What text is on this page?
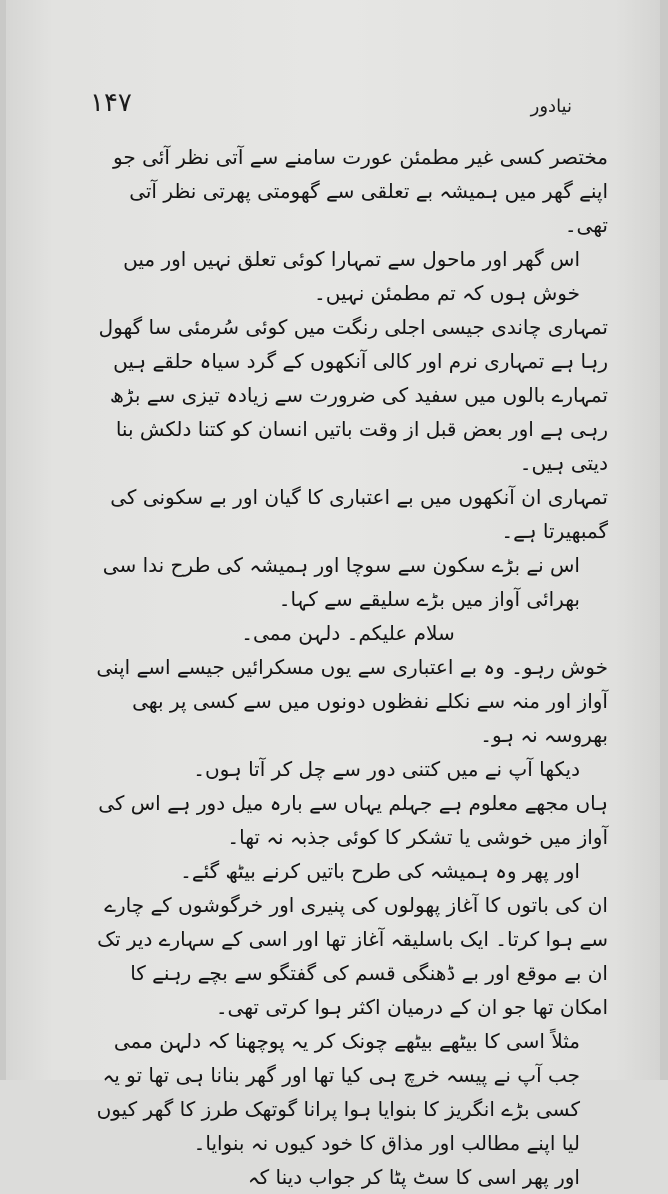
۱۴۷	نیادور

مختصر کسی غیر مطمئن عورت سامنے سے آتی نظر آئی جو اپنے گھر میں ہمیشہ بے تعلقی سے گھومتی پھرتی نظر آتی تھی۔

اس گھر اور ماحول سے تمہارا کوئی تعلق نہیں اور میں خوش ہوں کہ تم مطمئن نہیں۔

تمہاری چاندی جیسی اجلی رنگت میں کوئی سُرمئی سا گھول رہا ہے تمہاری نرم اور کالی آنکھوں کے گرد سیاہ حلقے ہیں تمہارے بالوں میں سفید کی ضرورت سے زیادہ تیزی سے بڑھ رہی ہے اور بعض قبل از وقت باتیں انسان کو کتنا دلکش بنا دیتی ہیں۔

تمہاری ان آنکھوں میں بے اعتباری کا گیان اور بے سکونی کی گمبھیرتا ہے۔

اس نے بڑے سکون سے سوچا اور ہمیشہ کی طرح ندا سی بھرائی آواز میں بڑے سلیقے سے کہا۔

سلام علیکم۔ دلہن ممی۔

خوش رہو۔ وہ بے اعتباری سے یوں مسکرائیں جیسے اسے اپنی آواز اور منہ سے نکلے نفظوں دونوں میں سے کسی پر بھی بھروسہ نہ ہو۔

دیکھا آپ نے میں کتنی دور سے چل کر آتا ہوں۔

ہاں مجھے معلوم ہے جہلم یہاں سے بارہ میل دور ہے اس کی آواز میں خوشی یا تشکر کا کوئی جذبہ نہ تھا۔

اور پھر وہ ہمیشہ کی طرح باتیں کرنے بیٹھ گئے۔

ان کی باتوں کا آغاز پھولوں کی پنیری اور خرگوشوں کے چارے سے ہوا کرتا۔ ایک باسلیقہ آغاز تھا اور اسی کے سہارے دیر تک ان بے موقع اور بے ڈھنگی قسم کی گفتگو سے بچے رہنے کا امکان تھا جو ان کے درمیان اکثر ہوا کرتی تھی۔

مثلاً اسی کا بیٹھے بیٹھے چونک کر یہ پوچھنا کہ دلہن ممی جب آپ نے پیسہ خرچ ہی کیا تھا اور گھر بنانا ہی تھا تو یہ کسی بڑے انگریز کا بنوایا ہوا پرانا گوتھک طرز کا گھر کیوں لیا اپنے مطالب اور مذاق کا خود کیوں نہ بنوایا۔

اور پھر اسی کا سٹ پٹا کر جواب دینا کہ
